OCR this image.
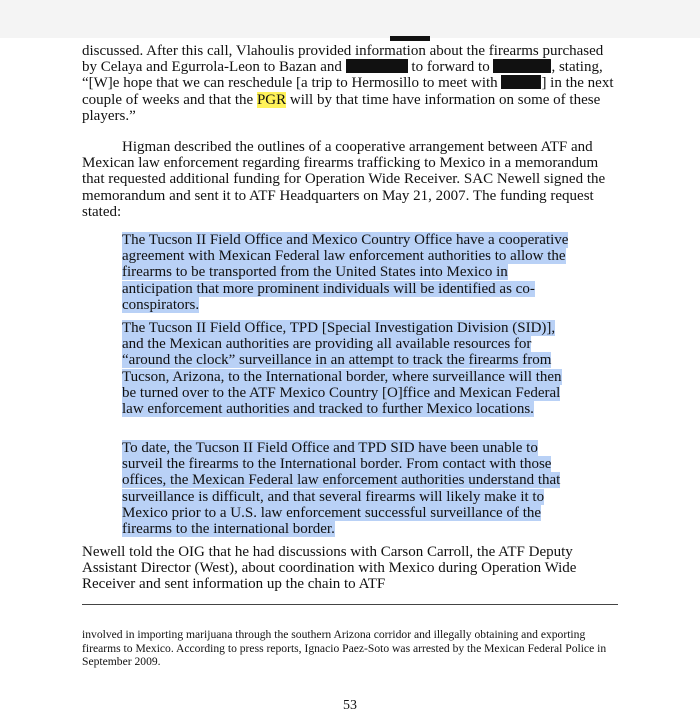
discussed. After this call, Vlahoulis provided information about the firearms purchased by Celaya and Egurrola-Leon to Bazan and	to forward to	, stating, “[W]e hope that we can reschedule [a trip to Hermosillo to meet with	] in the next couple of weeks and that the PGR will by that time have information on some of these players.”
Higman described the outlines of a cooperative arrangement between ATF and Mexican law enforcement regarding firearms trafficking to Mexico in a memorandum that requested additional funding for Operation Wide Receiver. SAC Newell signed the memorandum and sent it to ATF Headquarters on May 21, 2007. The funding request stated:
The Tucson II Field Office and Mexico Country Office have a cooperative agreement with Mexican Federal law enforcement authorities to allow the firearms to be transported from the United States into Mexico in anticipation that more prominent individuals will be identified as co-conspirators.
The Tucson II Field Office, TPD [Special Investigation Division (SID)], and the Mexican authorities are providing all available resources for “around the clock” surveillance in an attempt to track the firearms from Tucson, Arizona, to the International border, where surveillance will then be turned over to the ATF Mexico Country [O]ffice and Mexican Federal law enforcement authorities and tracked to further Mexico locations.
To date, the Tucson II Field Office and TPD SID have been unable to surveil the firearms to the International border. From contact with those offices, the Mexican Federal law enforcement authorities understand that surveillance is difficult, and that several firearms will likely make it to Mexico prior to a U.S. law enforcement successful surveillance of the firearms to the international border.
Newell told the OIG that he had discussions with Carson Carroll, the ATF Deputy Assistant Director (West), about coordination with Mexico during Operation Wide Receiver and sent information up the chain to ATF
involved in importing marijuana through the southern Arizona corridor and illegally obtaining and exporting firearms to Mexico. According to press reports, Ignacio Paez-Soto was arrested by the Mexican Federal Police in September 2009.
53
